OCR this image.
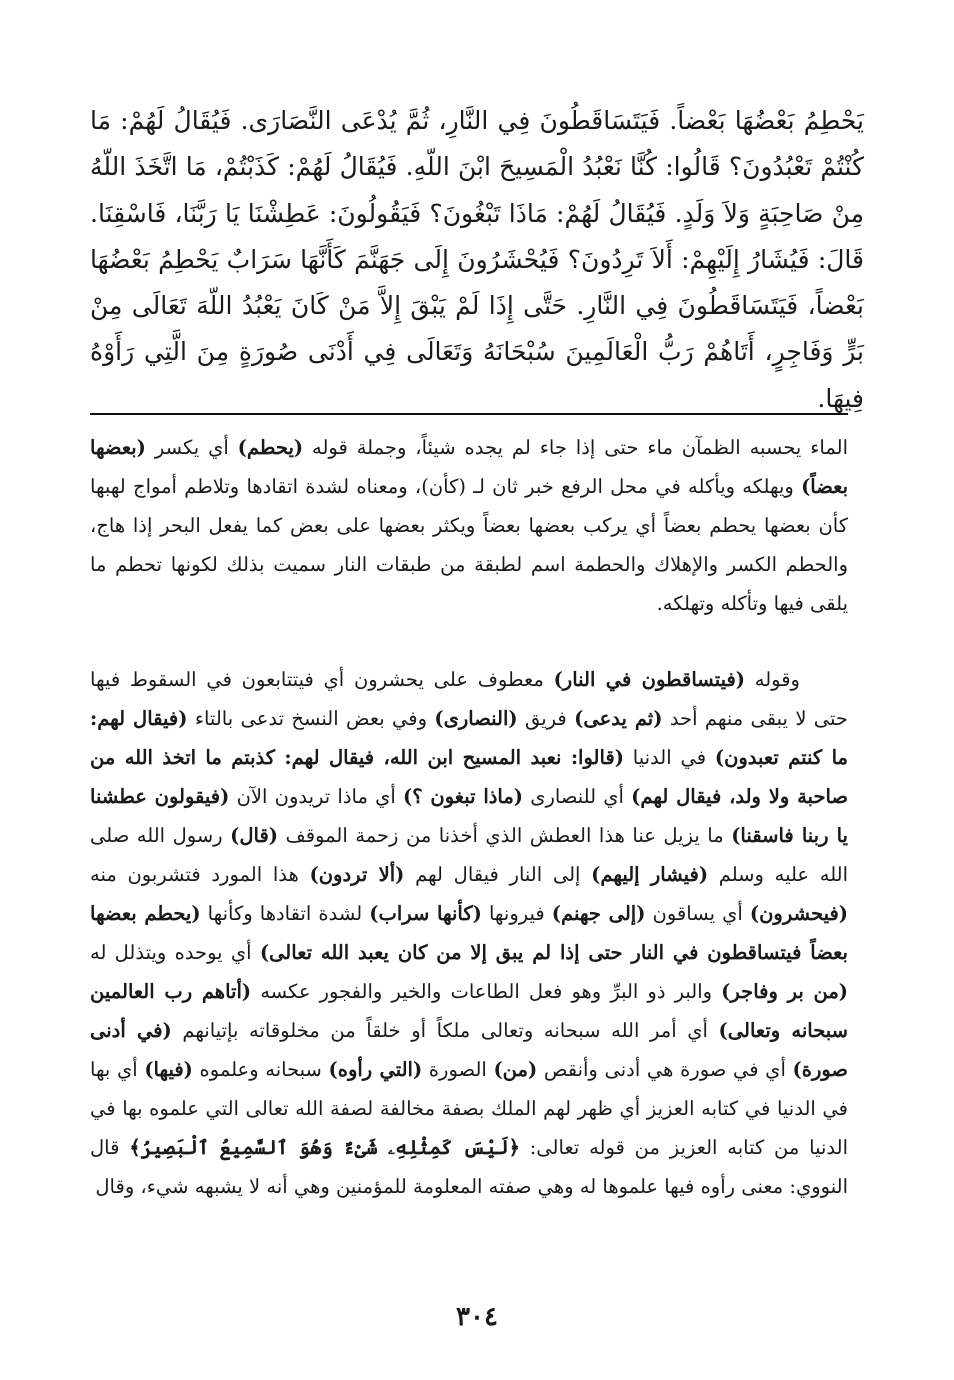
يَحْطِمُ بَعْضُهَا بَعْضاً. فَيَتَسَاقَطُونَ فِي النَّارِ، ثُمَّ يُدْعَى النَّصَارَى. فَيُقَالُ لَهُمْ: مَا كُنْتُمْ تَعْبُدُونَ؟ قَالُوا: كُنَّا نَعْبُدُ الْمَسِيحَ ابْنَ اللّهِ. فَيُقَالُ لَهُمْ: كَذَبْتُمْ، مَا اتَّخَذَ اللّهُ مِنْ صَاحِبَةٍ وَلاَ وَلَدٍ. فَيُقَالُ لَهُمْ: مَاذَا تَبْغُونَ؟ فَيَقُولُونَ: عَطِشْنَا يَا رَبَّنَا، فَاسْقِنَا. قَالَ: فَيُشَارُ إِلَيْهِمْ: أَلاَ تَرِدُونَ؟ فَيُحْشَرُونَ إِلَى جَهَنَّمَ كَأَنَّهَا سَرَابٌ يَحْطِمُ بَعْضُهَا بَعْضاً، فَيَتَسَاقَطُونَ فِي النَّارِ. حَتَّى إِذَا لَمْ يَبْقَ إِلاَّ مَنْ كَانَ يَعْبُدُ اللّهَ تَعَالَى مِنْ بَرٍّ وَفَاجِرٍ، أَتَاهُمْ رَبُّ الْعَالَمِينَ سُبْحَانَهُ وَتَعَالَى فِي أَدْنَى صُورَةٍ مِنَ الَّتِي رَأَوْهُ فِيهَا.
الماء يحسبه الظمآن ماء حتى إذا جاء لم يجده شيئاً، وجملة قوله (يحطم) أي يكسر (بعضها بعضاً) ويهلكه ويأكله في محل الرفع خبر ثان لـ (كأن)، ومعناه لشدة اتقادها وتلاطم أمواج لهبها كأن بعضها يحطم بعضاً أي يركب بعضها بعضاً ويكثر بعضها على بعض كما يفعل البحر إذا هاج، والحطم الكسر والإهلاك والحطمة اسم لطبقة من طبقات النار سميت بذلك لكونها تحطم ما يلقى فيها وتأكله وتهلكه.
وقوله (فيتساقطون في النار) معطوف على يحشرون أي فيتتابعون في السقوط فيها حتى لا يبقى منهم أحد (ثم يدعى) فريق (النصارى) وفي بعض النسخ تدعى بالتاء (فيقال لهم: ما كنتم تعبدون) في الدنيا (قالوا: نعبد المسيح ابن الله، فيقال لهم: كذبتم ما اتخذ الله من صاحبة ولا ولد، فيقال لهم) أي للنصارى (ماذا تبغون ؟) أي ماذا تريدون الآن (فيقولون عطشنا يا ربنا فاسقنا) ما يزيل عنا هذا العطش الذي أخذنا من زحمة الموقف (قال) رسول الله صلى الله عليه وسلم (فيشار إليهم) إلى النار فيقال لهم (ألا تردون) هذا المورد فتشربون منه (فيحشرون) أي يساقون (إلى جهنم) فيرونها (كأنها سراب) لشدة اتقادها وكأنها (يحطم بعضها بعضاً فيتساقطون في النار حتى إذا لم يبق إلا من كان يعبد الله تعالى) أي يوحده ويتذلل له (من بر وفاجر) والبر ذو البرِّ وهو فعل الطاعات والخير والفجور عكسه (أتاهم رب العالمين سبحانه وتعالى) أي أمر الله سبحانه وتعالى ملكاً أو خلقاً من مخلوقاته بإتيانهم (في أدنى صورة) أي في صورة هي أدنى وأنقص (من) الصورة (التي رأوه) سبحانه وعلموه (فيها) أي بها في الدنيا في كتابه العزيز أي ظهر لهم الملك بصفة مخالفة لصفة الله تعالى التي علموه بها في الدنيا من كتابه العزيز من قوله تعالى: ﴿لَيْسَ كَمِثْلِهِۦ شَىْءٌ وَهُوَ ٱلسَّمِيعُ ٱلْبَصِيرُ﴾ قال النووي: معنى رأوه فيها علموها له وهي صفته المعلومة للمؤمنين وهي أنه لا يشبهه شيء، وقال
٣٠٤
